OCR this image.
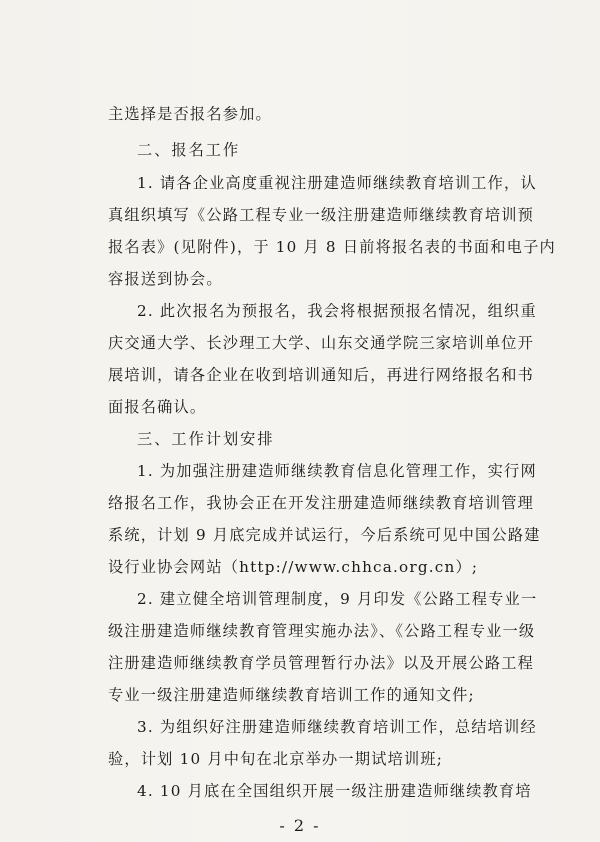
主选择是否报名参加。
二、报名工作
1. 请各企业高度重视注册建造师继续教育培训工作，认
真组织填写《公路工程专业一级注册建造师继续教育培训预
报名表》(见附件)，于 10 月 8 日前将报名表的书面和电子内
容报送到协会。
2. 此次报名为预报名，我会将根据预报名情况，组织重
庆交通大学、长沙理工大学、山东交通学院三家培训单位开
展培训，请各企业在收到培训通知后，再进行网络报名和书
面报名确认。
三、工作计划安排
1. 为加强注册建造师继续教育信息化管理工作，实行网
络报名工作，我协会正在开发注册建造师继续教育培训管理
系统，计划 9 月底完成并试运行，今后系统可见中国公路建
设行业协会网站（http://www.chhca.org.cn）;
2. 建立健全培训管理制度，9 月印发《公路工程专业一
级注册建造师继续教育管理实施办法》、《公路工程专业一级
注册建造师继续教育学员管理暂行办法》以及开展公路工程
专业一级注册建造师继续教育培训工作的通知文件;
3. 为组织好注册建造师继续教育培训工作，总结培训经
验，计划 10 月中旬在北京举办一期试培训班;
4. 10 月底在全国组织开展一级注册建造师继续教育培
- 2 -
